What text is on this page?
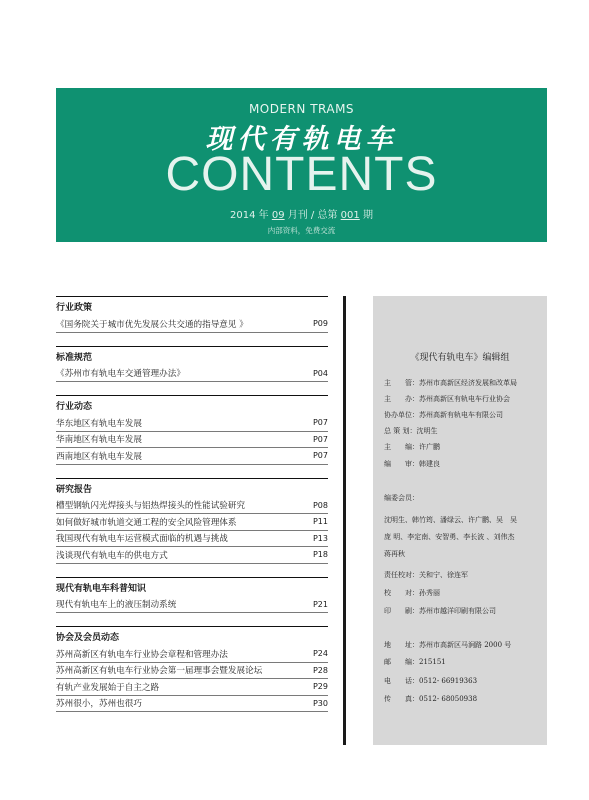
MODERN TRAMS
现代有轨电车
CONTENTS
2014 年 09 月刊 / 总第 001 期
内部资料，免费交流
行业政策
《国务院关于城市优先发展公共交通的指导意见 》	P09
标准规范
《苏州市有轨电车交通管理办法》	P04
行业动态
华东地区有轨电车发展	P07
华南地区有轨电车发展	P07
西南地区有轨电车发展	P07
研究报告
槽型钢轨闪光焊接头与铝热焊接头的性能试验研究	P08
如何做好城市轨道交通工程的安全风险管理体系	P11
我国现代有轨电车运营模式面临的机遇与挑战	P13
浅谈现代有轨电车的供电方式	P18
现代有轨电车科普知识
现代有轨电车上的液压制动系统	P21
协会及会员动态
苏州高新区有轨电车行业协会章程和管理办法	P24
苏州高新区有轨电车行业协会第一届理事会暨发展论坛	P28
有轨产业发展始于自主之路	P29
苏州很小，苏州也很巧	P30
《现代有轨电车》编辑组
主　　管：苏州市高新区经济发展和改革局
主　　办：苏州高新区有轨电车行业协会
协办单位：苏州高新有轨电车有限公司
总 策 划：沈明生
主　　编：许广鹏
编　　审：韩建良
编委会员：
沈明生、韩竹筠、潘绿云、许广鹏、吴　吴
庞 明、李定南、安智勇、李长波 、刘伟杰
蒋再秋
责任校对：关和宁、徐连军
校　　对：孙秀丽
印　　刷：苏州市越洋印刷有限公司
地　　址：苏州市高新区马涧路 2000 号
邮　　编：215151
电　　话：0512- 66919363
传　　真：0512- 68050938
